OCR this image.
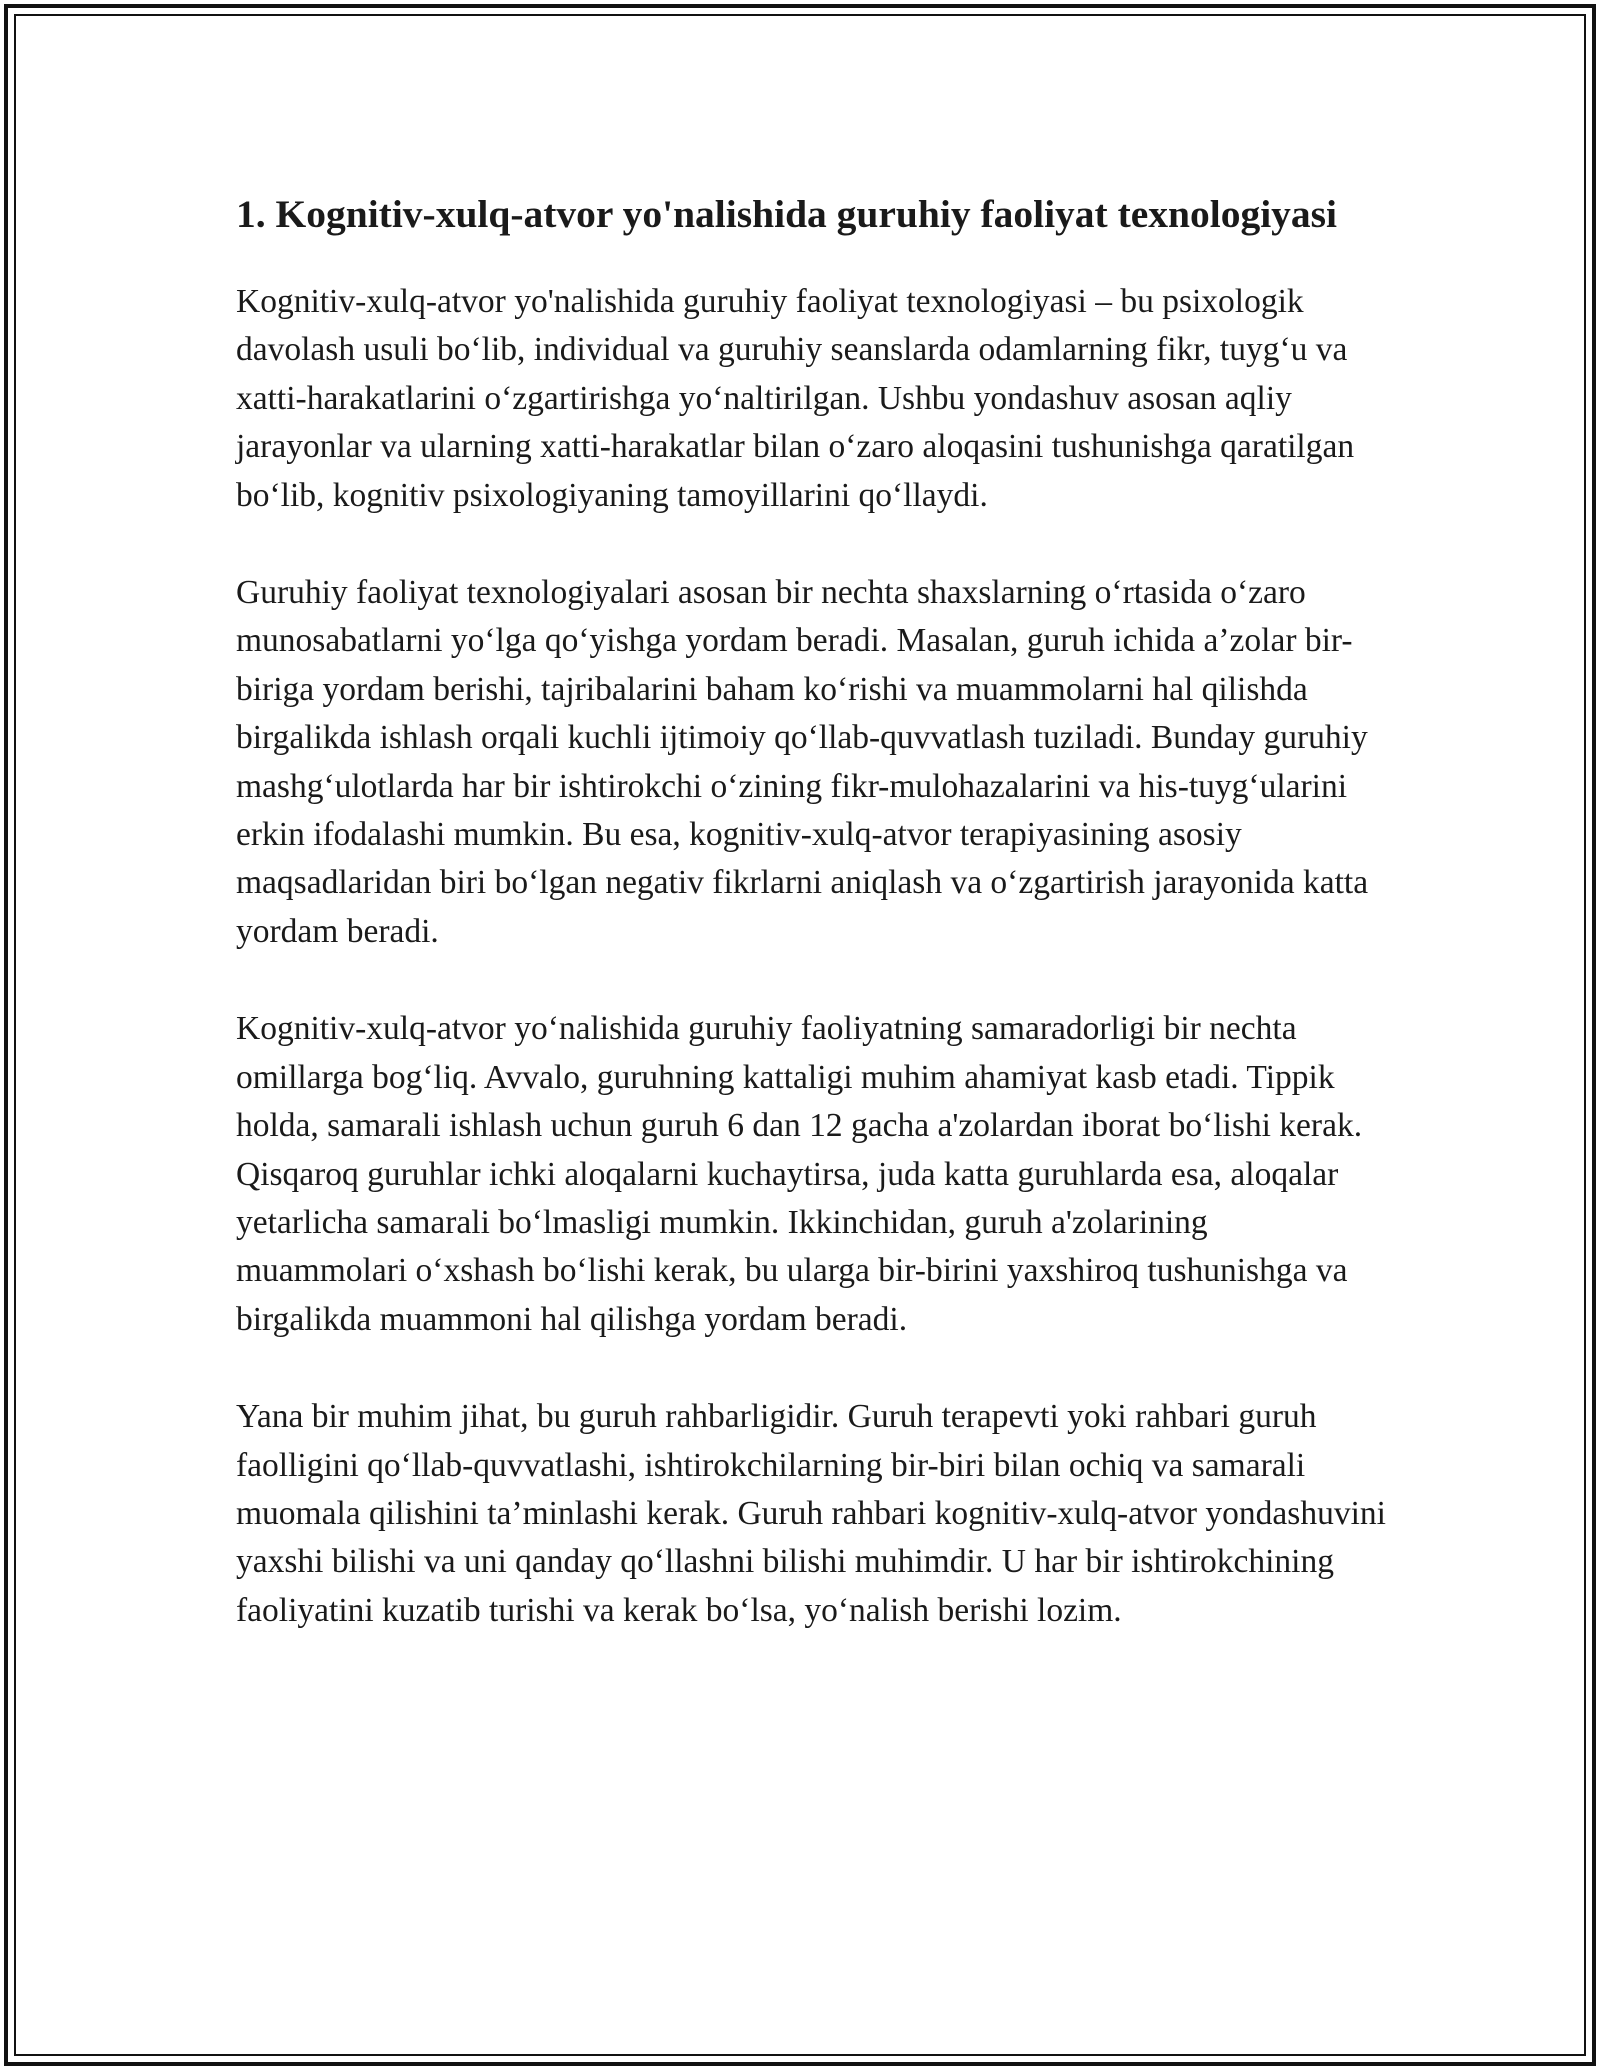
1. Kognitiv-xulq-atvor yo'nalishida guruhiy faoliyat texnologiyasi

Kognitiv-xulq-atvor yo'nalishida guruhiy faoliyat texnologiyasi – bu psixologik davolash usuli bo‘lib, individual va guruhiy seanslarda odamlarning fikr, tuyg‘u va xatti-harakatlarini o‘zgartirishga yo‘naltirilgan. Ushbu yondashuv asosan aqliy jarayonlar va ularning xatti-harakatlar bilan o‘zaro aloqasini tushunishga qaratilgan bo‘lib, kognitiv psixologiyaning tamoyillarini qo‘llaydi.

Guruhiy faoliyat texnologiyalari asosan bir nechta shaxslarning o‘rtasida o‘zaro munosabatlarni yo‘lga qo‘yishga yordam beradi. Masalan, guruh ichida a’zolar bir-biriga yordam berishi, tajribalarini baham ko‘rishi va muammolarni hal qilishda birgalikda ishlash orqali kuchli ijtimoiy qo‘llab-quvvatlash tuziladi. Bunday guruhiy mashg‘ulotlarda har bir ishtirokchi o‘zining fikr-mulohazalarini va his-tuyg‘ularini erkin ifodalashi mumkin. Bu esa, kognitiv-xulq-atvor terapiyasining asosiy maqsadlaridan biri bo‘lgan negativ fikrlarni aniqlash va o‘zgartirish jarayonida katta yordam beradi.

Kognitiv-xulq-atvor yo‘nalishida guruhiy faoliyatning samaradorligi bir nechta omillarga bog‘liq. Avvalo, guruhning kattaligi muhim ahamiyat kasb etadi. Tippik holda, samarali ishlash uchun guruh 6 dan 12 gacha a'zolardan iborat bo‘lishi kerak. Qisqaroq guruhlar ichki aloqalarni kuchaytirsa, juda katta guruhlarda esa, aloqalar yetarlicha samarali bo‘lmasligi mumkin. Ikkinchidan, guruh a'zolarining muammolari o‘xshash bo‘lishi kerak, bu ularga bir-birini yaxshiroq tushunishga va birgalikda muammoni hal qilishga yordam beradi.

Yana bir muhim jihat, bu guruh rahbarligidir. Guruh terapevti yoki rahbari guruh faolligini qo‘llab-quvvatlashi, ishtirokchilarning bir-biri bilan ochiq va samarali muomala qilishini ta’minlashi kerak. Guruh rahbari kognitiv-xulq-atvor yondashuvini yaxshi bilishi va uni qanday qo‘llashni bilishi muhimdir. U har bir ishtirokchining faoliyatini kuzatib turishi va kerak bo‘lsa, yo‘nalish berishi lozim.
